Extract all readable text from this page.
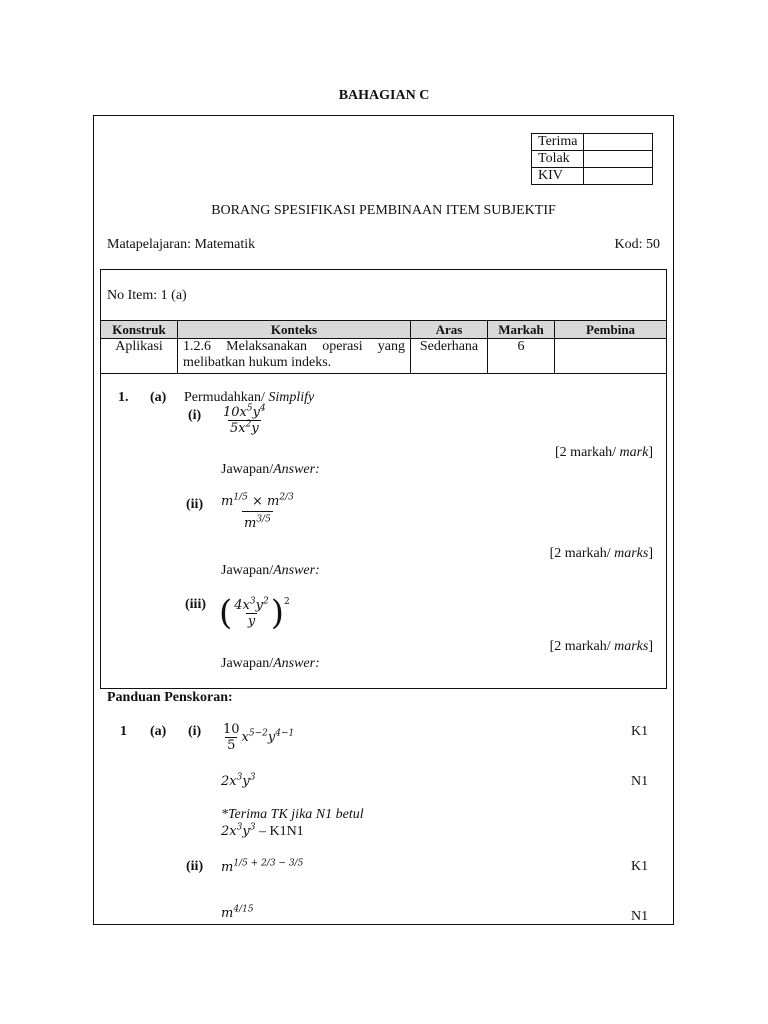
BAHAGIAN C
Terima	
Tolak	
KIV	
BORANG SPESIFIKASI PEMBINAAN ITEM SUBJEKTIF
Matapelajaran: Matematik	Kod: 50
No Item: 1 (a)
Konstruk	Konteks	Aras	Markah	Pembina
Aplikasi	1.2.6 Melaksanakan operasi yang melibatkan hukum indeks.	Sederhana	6	
1. (a) Permudahkan/ Simplify
$(i) \frac{10x^5y^4}{5x^2y}$
[2 markah/ mark]
Jawapan/Answer:
$(ii) \frac{m^{1/5} \times m^{2/3}}{m^{3/5}}$
[2 markah/ marks]
Jawapan/Answer:
(iii) ( $\frac{4x^3y^2}{y}$ ) 2
[2 markah/ marks]
Jawapan/Answer:
Panduan Penskoran:
1 (a) $(i) \frac{10}{5} x^{5-2}y^{4-1}$	K1
$2x^3y^3$	N1
*Terima TK jika N1 betul
$2x^3y^3 - K1N1$
(ii) $m^{1/5 + 2/3 - 3/5}$	K1
$m^{4/15}$	N1
